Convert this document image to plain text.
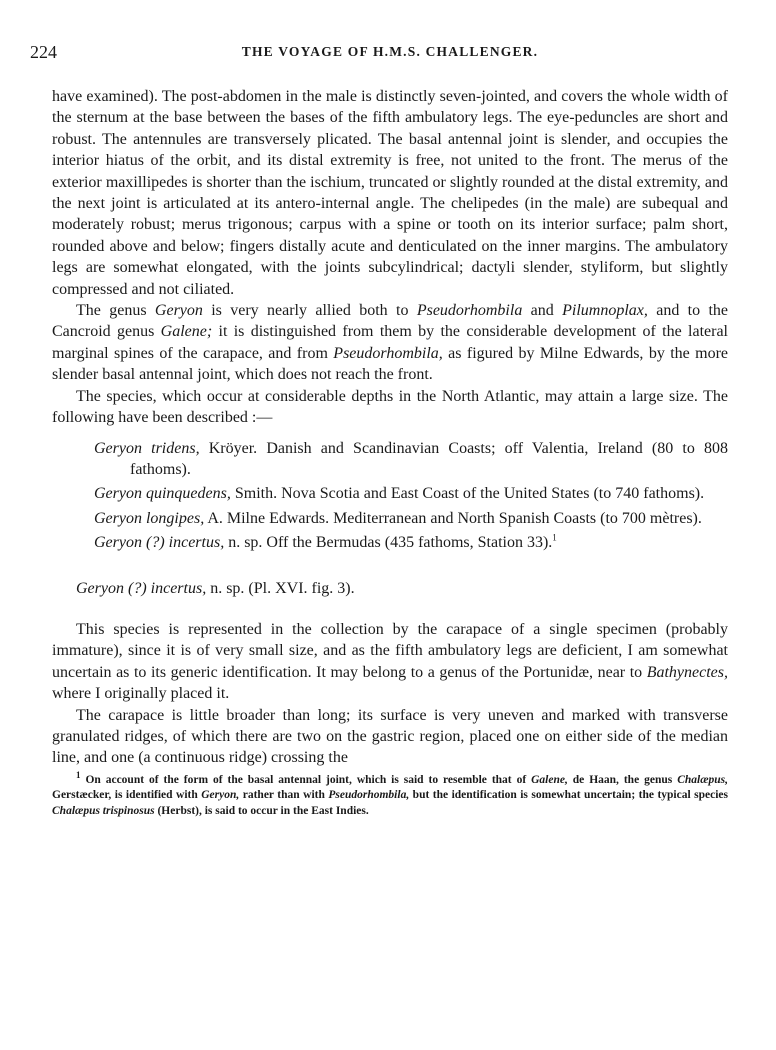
224	THE VOYAGE OF H.M.S. CHALLENGER.

have examined). The post-abdomen in the male is distinctly seven-jointed, and covers the whole width of the sternum at the base between the bases of the fifth ambulatory legs. The eye-peduncles are short and robust. The antennules are transversely plicated. The basal antennal joint is slender, and occupies the interior hiatus of the orbit, and its distal extremity is free, not united to the front. The merus of the exterior maxillipedes is shorter than the ischium, truncated or slightly rounded at the distal extremity, and the next joint is articulated at its antero-internal angle. The chelipedes (in the male) are subequal and moderately robust; merus trigonous; carpus with a spine or tooth on its interior surface; palm short, rounded above and below; fingers distally acute and denticulated on the inner margins. The ambulatory legs are somewhat elongated, with the joints subcylindrical; dactyli slender, styliform, but slightly compressed and not ciliated.

The genus Geryon is very nearly allied both to Pseudorhombila and Pilumnoplax, and to the Cancroid genus Galene; it is distinguished from them by the considerable development of the lateral marginal spines of the carapace, and from Pseudorhombila, as figured by Milne Edwards, by the more slender basal antennal joint, which does not reach the front.

The species, which occur at considerable depths in the North Atlantic, may attain a large size. The following have been described :—

Geryon tridens, Kröyer. Danish and Scandinavian Coasts; off Valentia, Ireland (80 to 808 fathoms).

Geryon quinquedens, Smith. Nova Scotia and East Coast of the United States (to 740 fathoms).

Geryon longipes, A. Milne Edwards. Mediterranean and North Spanish Coasts (to 700 mètres).

Geryon (?) incertus, n. sp. Off the Bermudas (435 fathoms, Station 33).$^1$

Geryon (?) incertus, n. sp. (Pl. XVI. fig. 3).

This species is represented in the collection by the carapace of a single specimen (probably immature), since it is of very small size, and as the fifth ambulatory legs are deficient, I am somewhat uncertain as to its generic identification. It may belong to a genus of the Portunidæ, near to Bathynectes, where I originally placed it.

The carapace is little broader than long; its surface is very uneven and marked with transverse granulated ridges, of which there are two on the gastric region, placed one on either side of the median line, and one (a continuous ridge) crossing the

$^1$ On account of the form of the basal antennal joint, which is said to resemble that of Galene, de Haan, the genus Chalæpus, Gerstæcker, is identified with Geryon, rather than with Pseudorhombila, but the identification is somewhat uncertain; the typical species Chalæpus trispinosus (Herbst), is said to occur in the East Indies.
